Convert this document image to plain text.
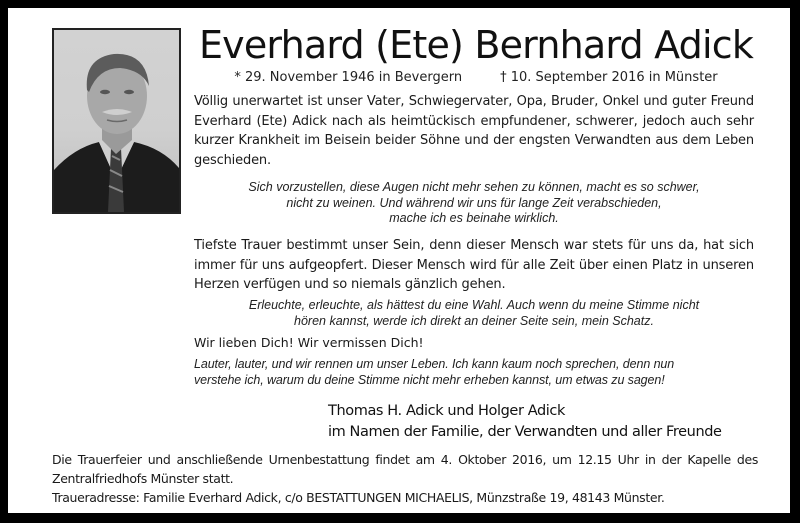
Everhard (Ete) Bernhard Adick
* 29. November 1946 in Bevergern	† 10. September 2016 in Münster
Völlig unerwartet ist unser Vater, Schwiegervater, Opa, Bruder, Onkel und guter Freund Everhard (Ete) Adick nach als heimtückisch empfundener, schwerer, jedoch auch sehr kurzer Krankheit im Beisein beider Söhne und der engsten Verwandten aus dem Leben geschieden.
Sich vorzustellen, diese Augen nicht mehr sehen zu können, macht es so schwer,
nicht zu weinen. Und während wir uns für lange Zeit verabschieden,
mache ich es beinahe wirklich.
Tiefste Trauer bestimmt unser Sein, denn dieser Mensch war stets für uns da, hat sich immer für uns aufgeopfert. Dieser Mensch wird für alle Zeit über einen Platz in unseren Herzen verfügen und so niemals gänzlich gehen.
Erleuchte, erleuchte, als hättest du eine Wahl. Auch wenn du meine Stimme nicht
hören kannst, werde ich direkt an deiner Seite sein, mein Schatz.
Wir lieben Dich! Wir vermissen Dich!
Lauter, lauter, und wir rennen um unser Leben. Ich kann kaum noch sprechen, denn nun
verstehe ich, warum du deine Stimme nicht mehr erheben kannst, um etwas zu sagen!
Thomas H. Adick und Holger Adick
im Namen der Familie, der Verwandten und aller Freunde
Die Trauerfeier und anschließende Urnenbestattung findet am 4. Oktober 2016, um 12.15 Uhr in der Kapelle des Zentralfriedhofs Münster statt.
Traueradresse: Familie Everhard Adick, c/o BESTATTUNGEN MICHAELIS, Münzstraße 19, 48143 Münster.
